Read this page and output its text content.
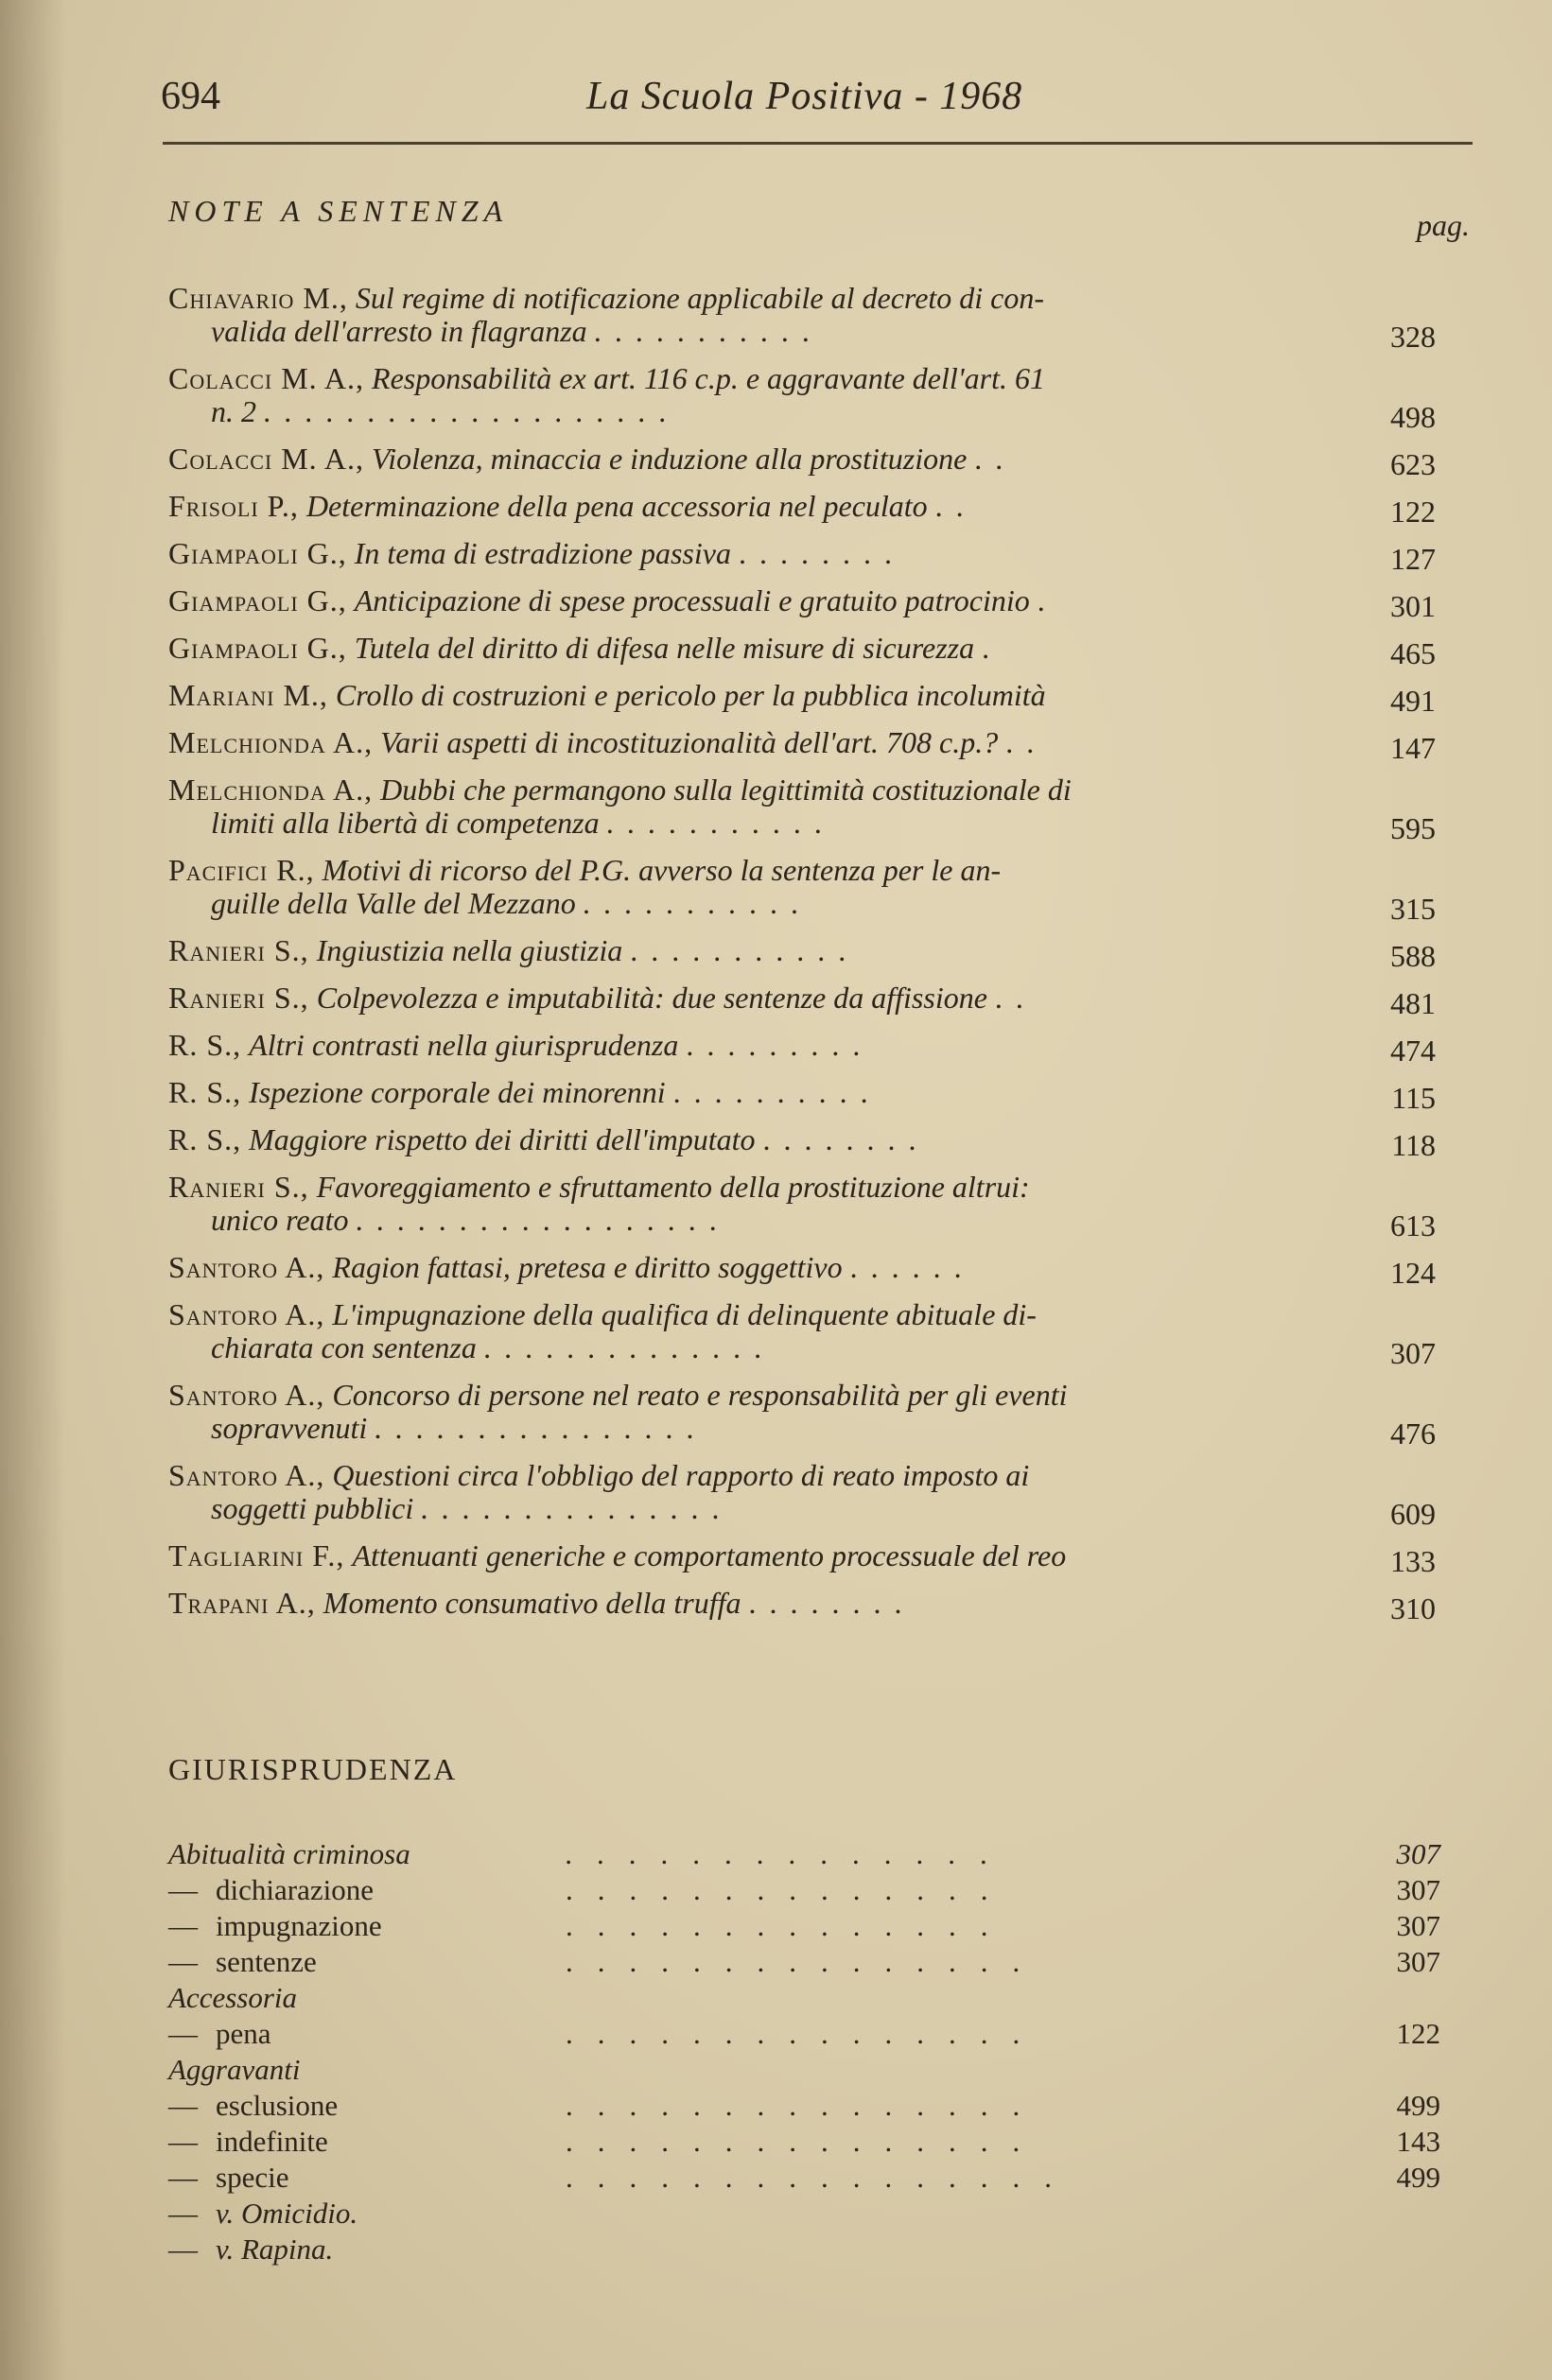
694	La Scuola Positiva - 1968
NOTE A SENTENZA	pag.
Chiavario M., Sul regime di notificazione applicabile al decreto di con-
valida dell'arresto in flagranza ...........	328
Colacci M. A., Responsabilità ex art. 116 c.p. e aggravante dell'art. 61
n. 2 ....................	498
Colacci M. A., Violenza, minaccia e induzione alla prostituzione ..	623
Frisoli P., Determinazione della pena accessoria nel peculato ..	122
Giampaoli G., In tema di estradizione passiva ........	127
Giampaoli G., Anticipazione di spese processuali e gratuito patrocinio .	301
Giampaoli G., Tutela del diritto di difesa nelle misure di sicurezza .	465
Mariani M., Crollo di costruzioni e pericolo per la pubblica incolumità	491
Melchionda A., Varii aspetti di incostituzionalità dell'art. 708 c.p.? ..	147
Melchionda A., Dubbi che permangono sulla legittimità costituzionale di
limiti alla libertà di competenza ...........	595
Pacifici R., Motivi di ricorso del P.G. avverso la sentenza per le an-
guille della Valle del Mezzano ...........	315
Ranieri S., Ingiustizia nella giustizia ...........	588
Ranieri S., Colpevolezza e imputabilità: due sentenze da affissione ..	481
R. S., Altri contrasti nella giurisprudenza .........	474
R. S., Ispezione corporale dei minorenni ..........	115
R. S., Maggiore rispetto dei diritti dell'imputato ........	118
Ranieri S., Favoreggiamento e sfruttamento della prostituzione altrui:
unico reato ..................	613
Santoro A., Ragion fattasi, pretesa e diritto soggettivo ......	124
Santoro A., L'impugnazione della qualifica di delinquente abituale di-
chiarata con sentenza ..............	307
Santoro A., Concorso di persone nel reato e responsabilità per gli eventi
sopravvenuti ................	476
Santoro A., Questioni circa l'obbligo del rapporto di reato imposto ai
soggetti pubblici ...............	609
Tagliarini F., Attenuanti generiche e comportamento processuale del reo	133
Trapani A., Momento consumativo della truffa ........	310
GIURISPRUDENZA
Abitualità criminosa	..............	307
— dichiarazione	..............	307
— impugnazione	..............	307
— sentenze	...............	307
Accessoria
— pena	...............	122
Aggravanti
— esclusione	...............	499
— indefinite	...............	143
— specie	................	499
— v. Omicidio.
— v. Rapina.
